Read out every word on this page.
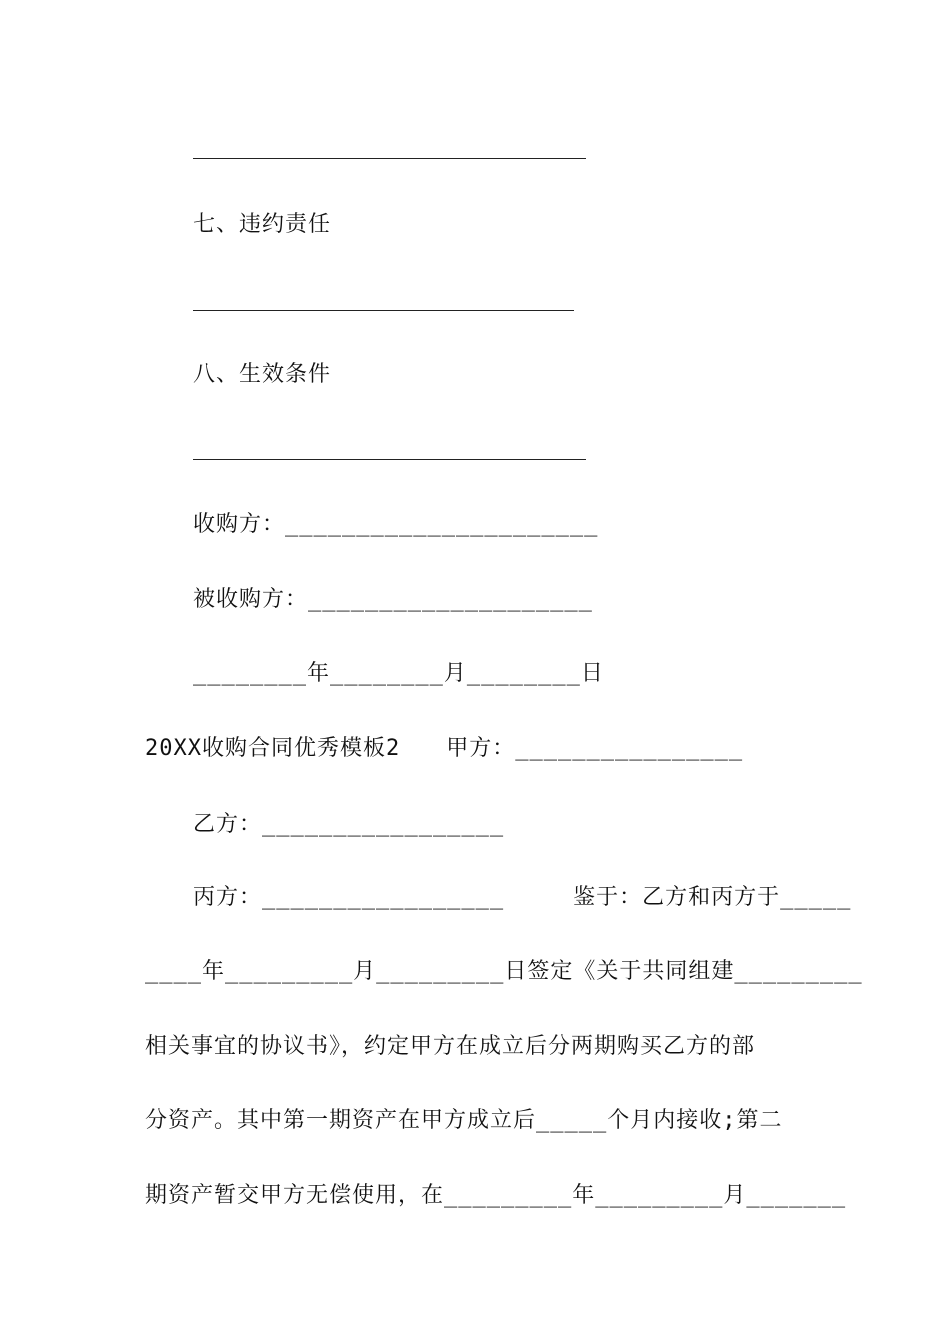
七、违约责任
八、生效条件
收购方：______________________
被收购方：____________________
________年________月________日
20XX收购合同优秀模板2　　甲方：________________
乙方：_________________
丙方：_________________　　　鉴于：乙方和丙方于_____
____年_________月_________日签定《关于共同组建_________
相关事宜的协议书》，约定甲方在成立后分两期购买乙方的部
分资产。其中第一期资产在甲方成立后_____个月内接收;第二
期资产暂交甲方无偿使用，在_________年_________月_______
